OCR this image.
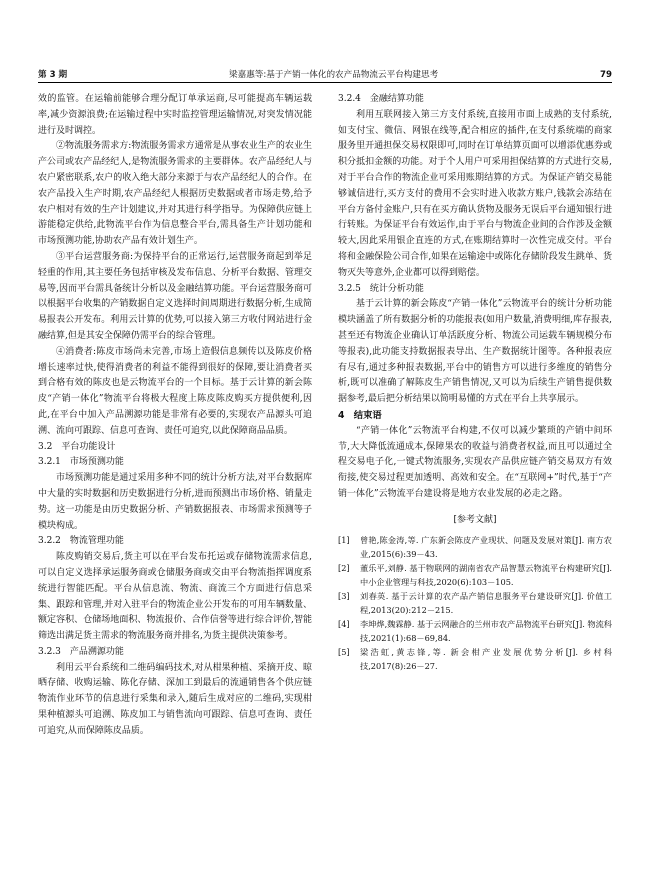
第 3 期	梁嘉惠等:基于产销一体化的农产品物流云平台构建思考	79

效的监管。在运输前能够合理分配订单承运商,尽可能提高车辆运载率,减少资源浪费;在运输过程中实时监控管理运输情况,对突发情况能进行及时调控。

②物流服务需求方:物流服务需求方通常是从事农业生产的农业生产公司或农产品经纪人,是物流服务需求的主要群体。农产品经纪人与农户紧密联系,农户的收入绝大部分来源于与农产品经纪人的合作。在农产品投入生产时期,农产品经纪人根据历史数据或者市场走势,给予农户相对有效的生产计划建议,并对其进行科学指导。为保障供应链上游能稳定供给,此物流平台作为信息整合平台,需具备生产计划功能和市场预测功能,协助农产品有效计划生产。

③平台运营服务商:为保持平台的正常运行,运营服务商起到举足轻重的作用,其主要任务包括审核及发布信息、分析平台数据、管理交易等,因而平台需具备统计分析以及金融结算功能。平台运营服务商可以根据平台收集的产销数据自定义选择时间周期进行数据分析,生成简易报表公开发布。利用云计算的优势,可以接入第三方收付网站进行金融结算,但是其安全保障仍需平台的综合管理。

④消费者:陈皮市场尚未完善,市场上造假信息频传以及陈皮价格增长速率过快,使得消费者的利益不能得到很好的保障,要让消费者买到合格有效的陈皮也是云物流平台的一个目标。基于云计算的新会陈皮“产销一体化”物流平台将极大程度上陈皮陈皮购买方提供便利,因此,在平台中加入产品溯源功能是非常有必要的,实现农产品源头可追溯、流向可跟踪、信息可查询、责任可追究,以此保障商品品质。

3.2　平台功能设计
3.2.1　市场预测功能

市场预测功能是通过采用多种不同的统计分析方法,对平台数据库中大量的实时数据和历史数据进行分析,进而预测出市场价格、销量走势。这一功能是由历史数据分析、产销数据报表、市场需求预测等子模块构成。

3.2.2　物流管理功能

陈皮购销交易后,货主可以在平台发布托运或存储物流需求信息,可以自定义选择承运服务商或仓储服务商或交由平台物流指挥调度系统进行智能匹配。平台从信息流、物流、商流三个方面进行信息采集、跟踪和管理,并对入驻平台的物流企业公开发布的可用车辆数量、额定容积、仓储场地面积、物流报价、合作信誉等进行综合评价,智能筛选出满足货主需求的物流服务商并排名,为货主提供决策参考。

3.2.3　产品溯源功能

利用云平台系统和二维码编码技术,对从柑果种植、采摘开皮、晾晒存储、收购运输、陈化存储、深加工到最后的流通销售各个供应链物流作业环节的信息进行采集和录入,随后生成对应的二维码,实现柑果种植源头可追溯、陈皮加工与销售流向可跟踪、信息可查询、责任可追究,从而保障陈皮品质。

3.2.4　金融结算功能

利用互联网接入第三方支付系统,直接用市面上成熟的支付系统,如支付宝、微信、网银在线等,配合相应的插件,在支付系统端的商家服务里开通担保交易权限即可,同时在订单结算页面可以增添优惠券或积分抵扣金额的功能。对于个人用户可采用担保结算的方式进行交易,对于平台合作的物流企业可采用账期结算的方式。为保证产销交易能够诚信进行,买方支付的费用不会实时进入收款方账户,钱款会冻结在平台方备付金账户,只有在买方确认货物及服务无误后平台通知银行进行转账。为保证平台有效运作,由于平台与物流企业间的合作涉及金额较大,因此采用银企直连的方式,在账期结算时一次性完成交付。平台将和金融保险公司合作,如果在运输途中或陈化存储阶段发生跳单、货物灭失等意外,企业都可以得到赔偿。

3.2.5　统计分析功能

基于云计算的新会陈皮“产销一体化”云物流平台的统计分析功能模块涵盖了所有数据分析的功能报表(如用户数量,消费明细,库存报表,甚至还有物流企业确认订单活跃度分析、物流公司运载车辆规模分布等报表),此功能支持数据报表导出、生产数据统计图等。各种报表应有尽有,通过多种报表数据,平台中的销售方可以进行多维度的销售分析,既可以准确了解陈皮生产销售情况,又可以为后续生产销售提供数据参考,最后把分析结果以简明易懂的方式在平台上共享展示。

4　结束语

“产销一体化”云物流平台构建,不仅可以减少繁琐的产销中间环节,大大降低流通成本,保障果农的收益与消费者权益,而且可以通过全程交易电子化,一键式物流服务,实现农产品供应链产销交易双方有效衔接,使交易过程更加透明、高效和安全。在“互联网+”时代,基于“产销一体化”云物流平台建设将是地方农业发展的必走之路。

[参考文献]
[1]	曾艳,陈金涛,等. 广东新会陈皮产业现状、问题及发展对策[J]. 南方农业,2015(6):39－43.
[2]	董乐平,刘静. 基于物联网的湖南省农产品智慧云物流平台构建研究[J]. 中小企业管理与科技,2020(6):103－105.
[3]	刘春英. 基于云计算的农产品产销信息服务平台建设研究[J]. 价值工程,2013(20):212－215.
[4]	李坤烨,魏霖静. 基于云网融合的兰州市农产品物流平台研究[J]. 物流科技,2021(1):68－69,84.
[5]	梁浩虹,黄志锋,等. 新会柑产业发展优势分析[J]. 乡村科技,2017(8):26－27.
